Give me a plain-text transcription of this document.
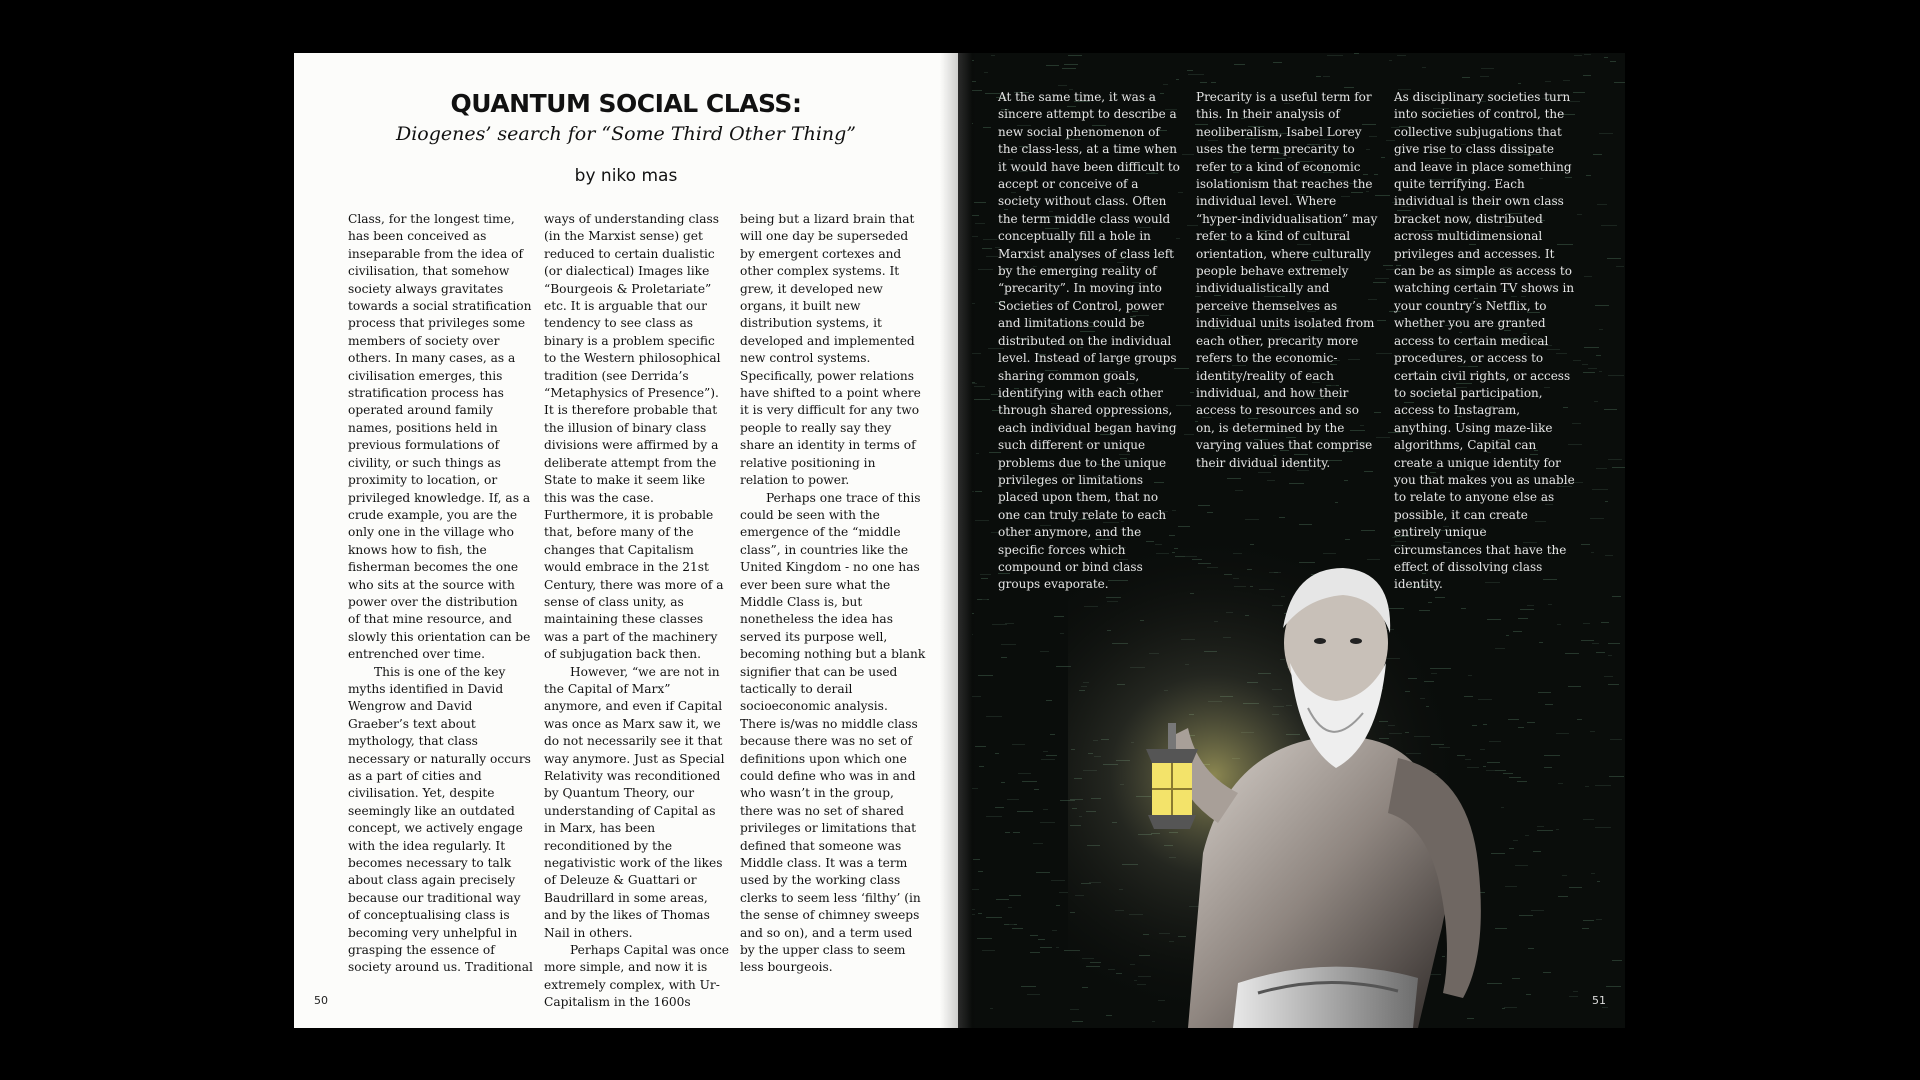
QUANTUM SOCIAL CLASS:
Diogenes’ search for “Some Third Other Thing”
by niko mas

Class, for the longest time, has been conceived as inseparable from the idea of civilisation, that somehow society always gravitates towards a social stratification process that privileges some members of society over others. In many cases, as a civilisation emerges, this stratification process has operated around family names, positions held in previous formulations of civility, or such things as proximity to location, or privileged knowledge. If, as a crude example, you are the only one in the village who knows how to fish, the fisherman becomes the one who sits at the source with power over the distribution of that mine resource, and slowly this orientation can be entrenched over time.

This is one of the key myths identified in David Wengrow and David Graeber’s text about mythology, that class necessary or naturally occurs as a part of cities and civilisation. Yet, despite seemingly like an outdated concept, we actively engage with the idea regularly. It becomes necessary to talk about class again precisely because our traditional way of conceptualising class is becoming very unhelpful in grasping the essence of society around us. Traditional

ways of understanding class (in the Marxist sense) get reduced to certain dualistic (or dialectical) Images like “Bourgeois & Proletariate” etc. It is arguable that our tendency to see class as binary is a problem specific to the Western philosophical tradition (see Derrida’s “Metaphysics of Presence”). It is therefore probable that the illusion of binary class divisions were affirmed by a deliberate attempt from the State to make it seem like this was the case. Furthermore, it is probable that, before many of the changes that Capitalism would embrace in the 21st Century, there was more of a sense of class unity, as maintaining these classes was a part of the machinery of subjugation back then.

However, “we are not in the Capital of Marx” anymore, and even if Capital was once as Marx saw it, we do not necessarily see it that way anymore. Just as Special Relativity was reconditioned by Quantum Theory, our understanding of Capital as in Marx, has been reconditioned by the negativistic work of the likes of Deleuze & Guattari or Baudrillard in some areas, and by the likes of Thomas Nail in others.

Perhaps Capital was once more simple, and now it is extremely complex, with Ur-Capitalism in the 1600s

being but a lizard brain that will one day be superseded by emergent cortexes and other complex systems. It grew, it developed new organs, it built new distribution systems, it developed and implemented new control systems. Specifically, power relations have shifted to a point where it is very difficult for any two people to really say they share an identity in terms of relative positioning in relation to power.

Perhaps one trace of this could be seen with the emergence of the “middle class”, in countries like the United Kingdom - no one has ever been sure what the Middle Class is, but nonetheless the idea has served its purpose well, becoming nothing but a blank signifier that can be used tactically to derail socioeconomic analysis. There is/was no middle class because there was no set of definitions upon which one could define who was in and who wasn’t in the group, there was no set of shared privileges or limitations that defined that someone was Middle class. It was a term used by the working class clerks to seem less ‘filthy’ (in the sense of chimney sweeps and so on), and a term used by the upper class to seem less bourgeois.

50
At the same time, it was a sincere attempt to describe a new social phenomenon of the class-less, at a time when it would have been difficult to accept or conceive of a society without class. Often the term middle class would conceptually fill a hole in Marxist analyses of class left by the emerging reality of “precarity”. In moving into Societies of Control, power and limitations could be distributed on the individual level. Instead of large groups sharing common goals, identifying with each other through shared oppressions, each individual began having such different or unique problems due to the unique privileges or limitations placed upon them, that no one can truly relate to each other anymore, and the specific forces which compound or bind class groups evaporate.
Precarity is a useful term for this. In their analysis of neoliberalism, Isabel Lorey uses the term precarity to refer to a kind of economic isolationism that reaches the individual level. Where “hyper-individualisation” may refer to a kind of cultural orientation, where culturally people behave extremely individualistically and perceive themselves as individual units isolated from each other, precarity more refers to the economic-identity/reality of each individual, and how their access to resources and so on, is determined by the varying values that comprise their dividual identity.
As disciplinary societies turn into societies of control, the collective subjugations that give rise to class dissipate and leave in place something quite terrifying. Each individual is their own class bracket now, distributed across multidimensional privileges and accesses. It can be as simple as access to watching certain TV shows in your country’s Netflix, to whether you are granted access to certain medical procedures, or access to certain civil rights, or access to societal participation, access to Instagram, anything. Using maze-like algorithms, Capital can create a unique identity for you that makes you as unable to relate to anyone else as possible, it can create entirely unique circumstances that have the effect of dissolving class identity.
51
